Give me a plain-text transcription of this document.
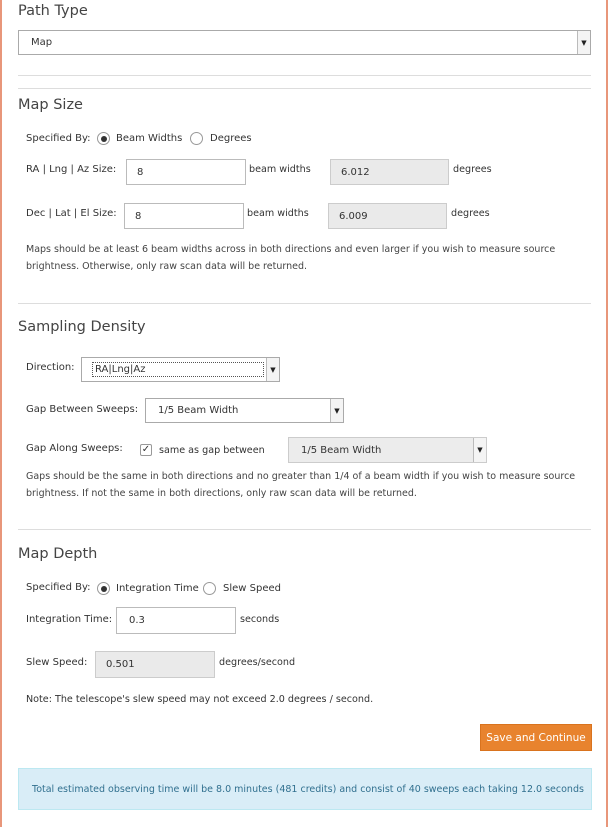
Path Type
Map	▼
Map Size
Specified By:	Beam Widths	Degrees
RA | Lng | Az Size:	8	beam widths	6.012	degrees
Dec | Lat | El Size:	8	beam widths	6.009	degrees
Maps should be at least 6 beam widths across in both directions and even larger if you wish to measure source
brightness. Otherwise, only raw scan data will be returned.
Sampling Density
Direction:	RA|Lng|Az	▼
Gap Between Sweeps: 1/5 Beam Width	▼
Gap Along Sweeps: ✓ same as gap between	1/5 Beam Width	▼
Gaps should be the same in both directions and no greater than 1/4 of a beam width if you wish to measure source
brightness. If not the same in both directions, only raw scan data will be returned.
Map Depth
Specified By:	Integration Time Slew Speed
Integration Time:	0.3	seconds
Slew Speed:	0.501	degrees/second
Note: The telescope's slew speed may not exceed 2.0 degrees / second.
Save and Continue
Total estimated observing time will be 8.0 minutes (481 credits) and consist of 40 sweeps each taking 12.0 seconds
